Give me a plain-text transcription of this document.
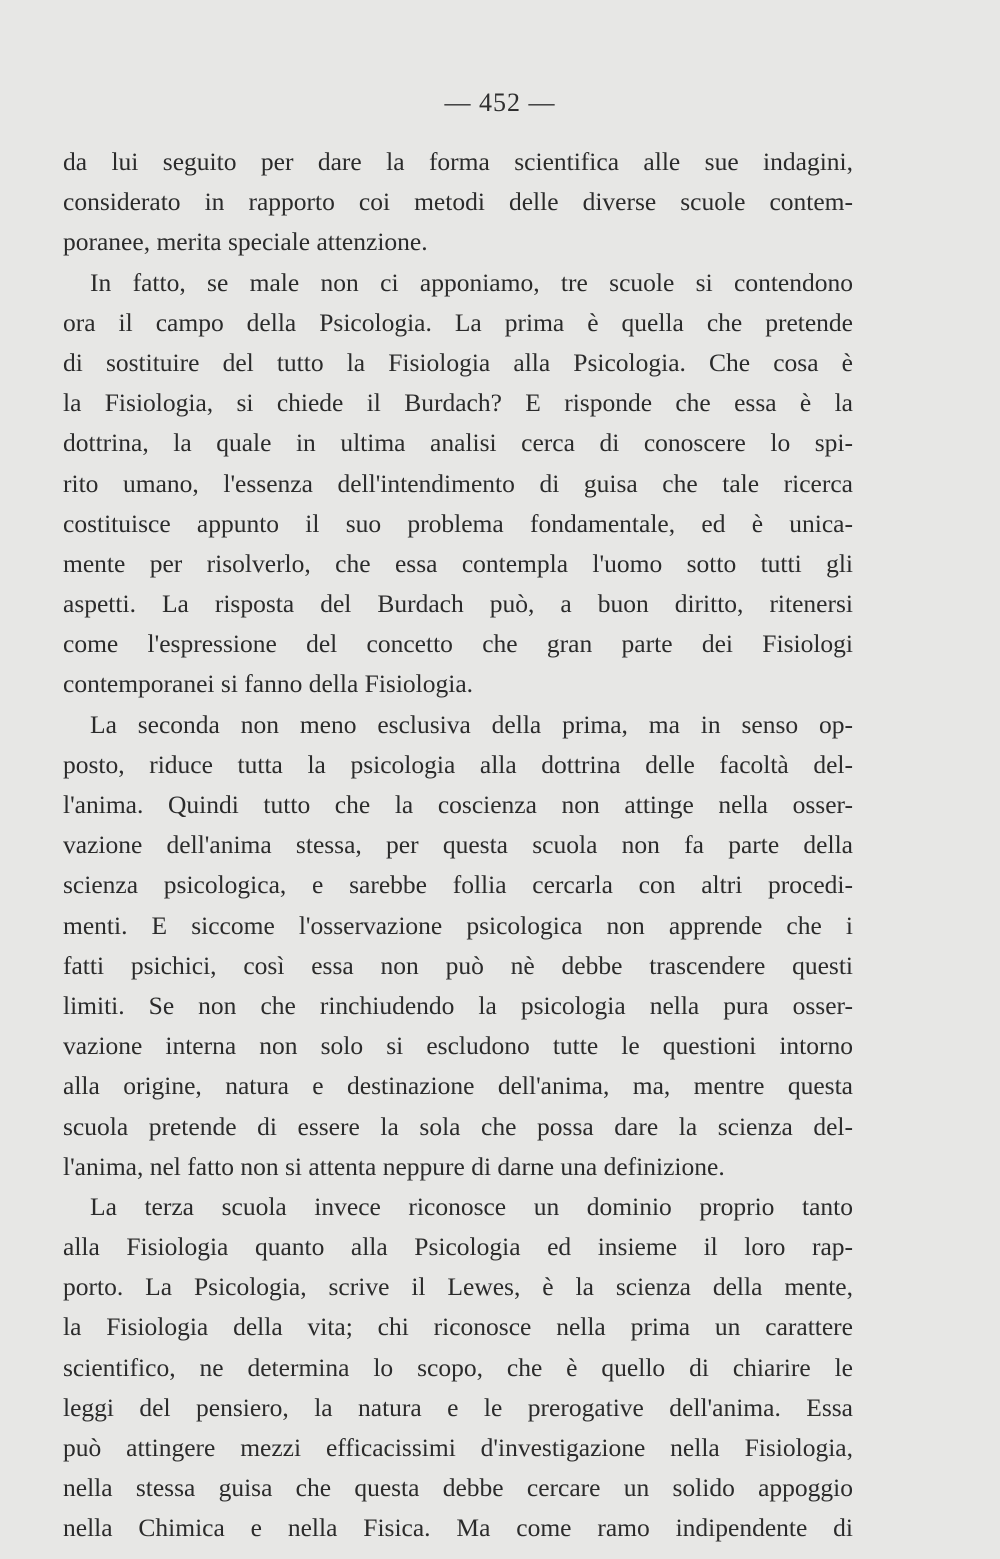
— 452 —
da lui seguito per dare la forma scientifica alle sue indagini,
considerato in rapporto coi metodi delle diverse scuole contem-
poranee, merita speciale attenzione.
In fatto, se male non ci apponiamo, tre scuole si contendono
ora il campo della Psicologia. La prima è quella che pretende
di sostituire del tutto la Fisiologia alla Psicologia. Che cosa è
la Fisiologia, si chiede il Burdach? E risponde che essa è la
dottrina, la quale in ultima analisi cerca di conoscere lo spi-
rito umano, l'essenza dell'intendimento di guisa che tale ricerca
costituisce appunto il suo problema fondamentale, ed è unica-
mente per risolverlo, che essa contempla l'uomo sotto tutti gli
aspetti. La risposta del Burdach può, a buon diritto, ritenersi
come l'espressione del concetto che gran parte dei Fisiologi
contemporanei si fanno della Fisiologia.
La seconda non meno esclusiva della prima, ma in senso op-
posto, riduce tutta la psicologia alla dottrina delle facoltà del-
l'anima. Quindi tutto che la coscienza non attinge nella osser-
vazione dell'anima stessa, per questa scuola non fa parte della
scienza psicologica, e sarebbe follia cercarla con altri procedi-
menti. E siccome l'osservazione psicologica non apprende che i
fatti psichici, così essa non può nè debbe trascendere questi
limiti. Se non che rinchiudendo la psicologia nella pura osser-
vazione interna non solo si escludono tutte le questioni intorno
alla origine, natura e destinazione dell'anima, ma, mentre questa
scuola pretende di essere la sola che possa dare la scienza del-
l'anima, nel fatto non si attenta neppure di darne una definizione.
La terza scuola invece riconosce un dominio proprio tanto
alla Fisiologia quanto alla Psicologia ed insieme il loro rap-
porto. La Psicologia, scrive il Lewes, è la scienza della mente,
la Fisiologia della vita; chi riconosce nella prima un carattere
scientifico, ne determina lo scopo, che è quello di chiarire le
leggi del pensiero, la natura e le prerogative dell'anima. Essa
può attingere mezzi efficacissimi d'investigazione nella Fisiologia,
nella stessa guisa che questa debbe cercare un solido appoggio
nella Chimica e nella Fisica. Ma come ramo indipendente di
